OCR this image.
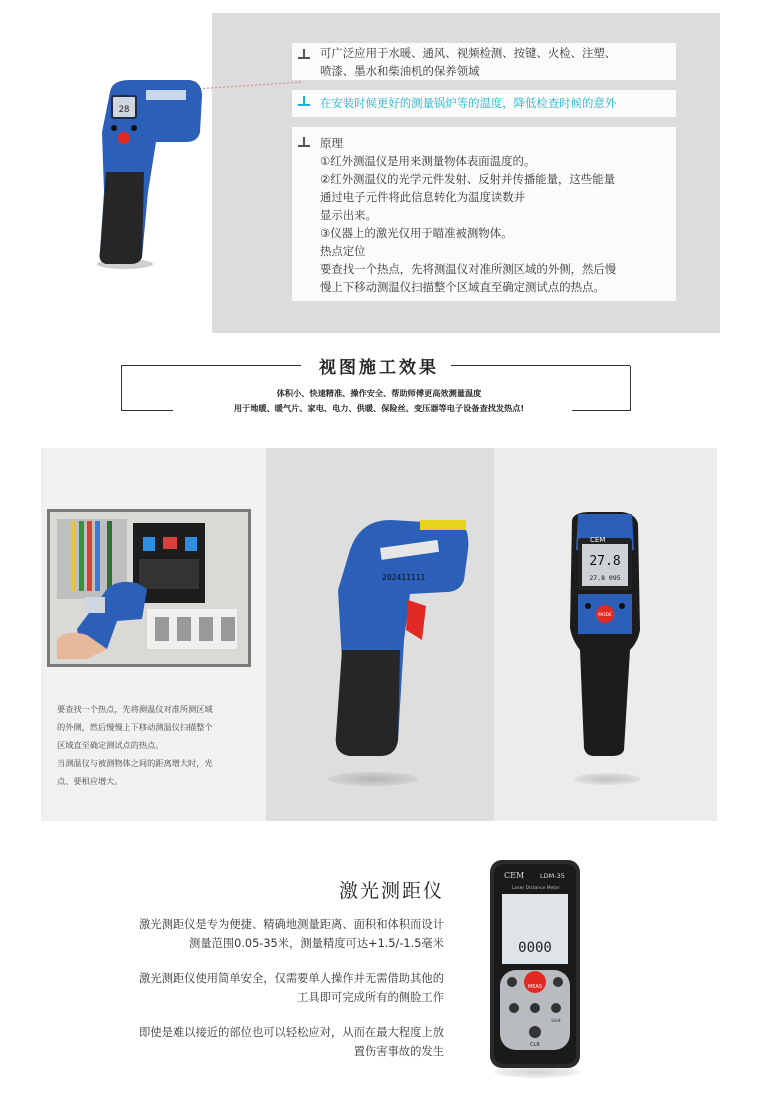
28
可广泛应用于水暖、通风、视频检测、按键、火检、注塑、
喷漆、墨水和柴油机的保养领域
在安装时候更好的测量锅炉等的温度，降低检查时候的意外
原理
①红外测温仪是用来测量物体表面温度的。
②红外测温仪的光学元件发射、反射并传播能量，这些能量
通过电子元件将此信息转化为温度读数并
显示出来。
③仪器上的激光仅用于瞄准被测物体。
热点定位
要查找一个热点，先将测温仪对准所测区域的外侧，然后慢
慢上下移动测温仪扫描整个区域直至确定测试点的热点。
视图施工效果
体积小、快速精准、操作安全、帮助师傅更高效测量温度
用于地暖、暖气片、家电、电力、供暖、保险丝、变压器等电子设备查找发热点!
要查找一个热点，先将测温仪对准所测区域
的外侧，然后慢慢上下移动测温仪扫描整个
区域直至确定测试点的热点。
当测温仪与被测物体之间的距离增大时，光
点、要相应增大。
202411111
CEM
27.8
27.8 095
MODE
激光测距仪
激光测距仪是专为便捷、精确地测量距离、面积和体积而设计
测量范围0.05-35米，测量精度可达+1.5/-1.5毫米
激光测距仪使用简单安全，仅需要单人操作并无需借助其他的
工具即可完成所有的侧脸工作
即使是难以接近的部位也可以轻松应对，从而在最大程度上放
置伤害事故的发生
CEM LDM-35
Laser Distance Meter
0000
MEAS
Unit
CLR
